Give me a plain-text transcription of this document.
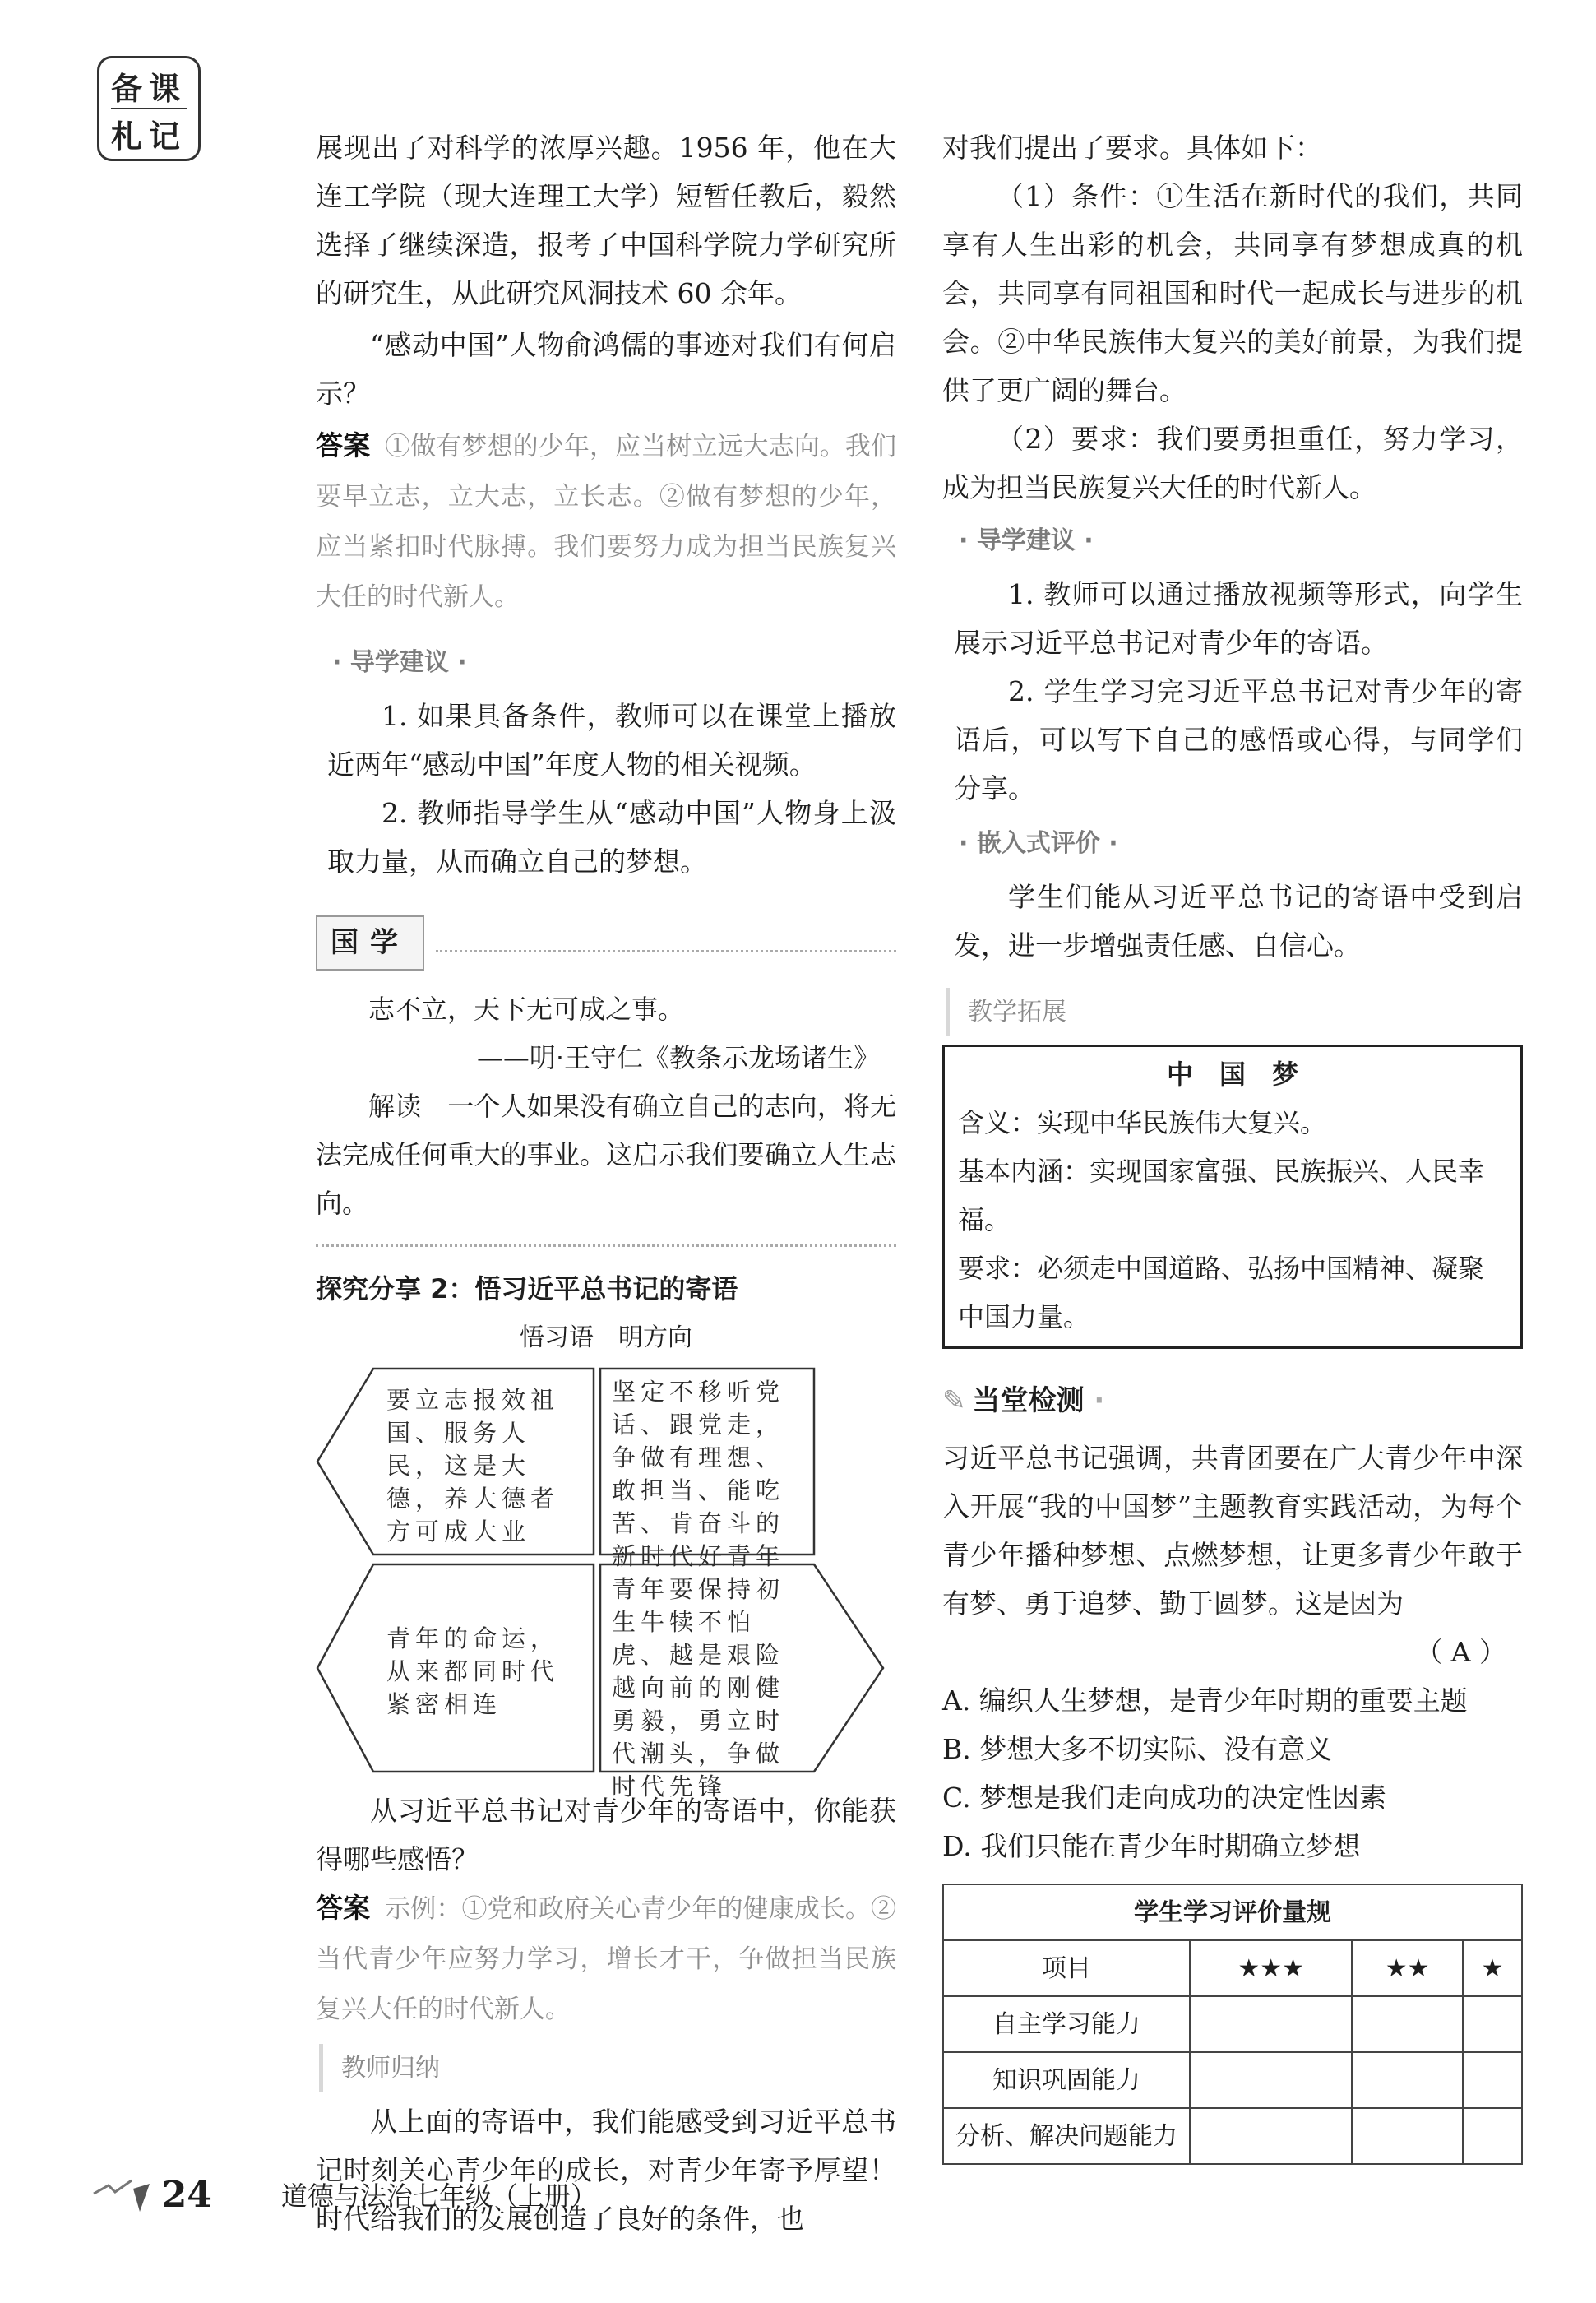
备课
札记	展现出了对科学的浓厚兴趣。1956 年，他在大连工学院（现大连理工大学）短暂任教后，毅然选择了继续深造，报考了中国科学院力学研究所的研究生，从此研究风洞技术 60 余年。

“感动中国”人物俞鸿儒的事迹对我们有何启示？

答案 ①做有梦想的少年，应当树立远大志向。我们要早立志，立大志，立长志。②做有梦想的少年，应当紧扣时代脉搏。我们要努力成为担当民族复兴大任的时代新人。

· 导学建议 ·

1. 如果具备条件，教师可以在课堂上播放近两年“感动中国”年度人物的相关视频。

2. 教师指导学生从“感动中国”人物身上汲取力量，从而确立自己的梦想。

国学

志不立，天下无可成之事。

——明·王守仁《教条示龙场诸生》

解读　一个人如果没有确立自己的志向，将无法完成任何重大的事业。这启示我们要确立人生志向。

探究分享 2：悟习近平总书记的寄语

悟习语　明方向

要立志报效祖国、服务人民，这是大德，养大德者方可成大业
坚定不移听党话、跟党走，争做有理想、敢担当、能吃苦、肯奋斗的新时代好青年
青年的命运，从来都同时代紧密相连
青年要保持初生牛犊不怕虎、越是艰险越向前的刚健勇毅，勇立时代潮头，争做时代先锋

从习近平总书记对青少年的寄语中，你能获得哪些感悟？

答案 示例：①党和政府关心青少年的健康成长。②当代青少年应努力学习，增长才干，争做担当民族复兴大任的时代新人。

教师归纳

从上面的寄语中，我们能感受到习近平总书记时刻关心青少年的成长，对青少年寄予厚望！时代给我们的发展创造了良好的条件，也

对我们提出了要求。具体如下：

（1）条件：①生活在新时代的我们，共同享有人生出彩的机会，共同享有梦想成真的机会，共同享有同祖国和时代一起成长与进步的机会。②中华民族伟大复兴的美好前景，为我们提供了更广阔的舞台。

（2）要求：我们要勇担重任，努力学习，成为担当民族复兴大任的时代新人。

· 导学建议 ·

1. 教师可以通过播放视频等形式，向学生展示习近平总书记对青少年的寄语。

2. 学生学习完习近平总书记对青少年的寄语后，可以写下自己的感悟或心得，与同学们分享。

· 嵌入式评价 ·

学生们能从习近平总书记的寄语中受到启发，进一步增强责任感、自信心。

教学拓展
中　国　梦
含义：实现中华民族伟大复兴。
基本内涵：实现国家富强、民族振兴、人民幸福。
要求：必须走中国道路、弘扬中国精神、凝聚中国力量。
✎ 当堂检测 ·

习近平总书记强调，共青团要在广大青少年中深入开展“我的中国梦”主题教育实践活动，为每个青少年播种梦想、点燃梦想，让更多青少年敢于有梦、勇于追梦、勤于圆梦。这是因为

（ A ）

A. 编织人生梦想，是青少年时期的重要主题
B. 梦想大多不切实际、没有意义
C. 梦想是我们走向成功的决定性因素
D. 我们只能在青少年时期确立梦想
学生学习评价量规			
项目	★★★	★★	★
自主学习能力			
知识巩固能力			
分析、解决问题能力			
24	道德与法治七年级（上册）
